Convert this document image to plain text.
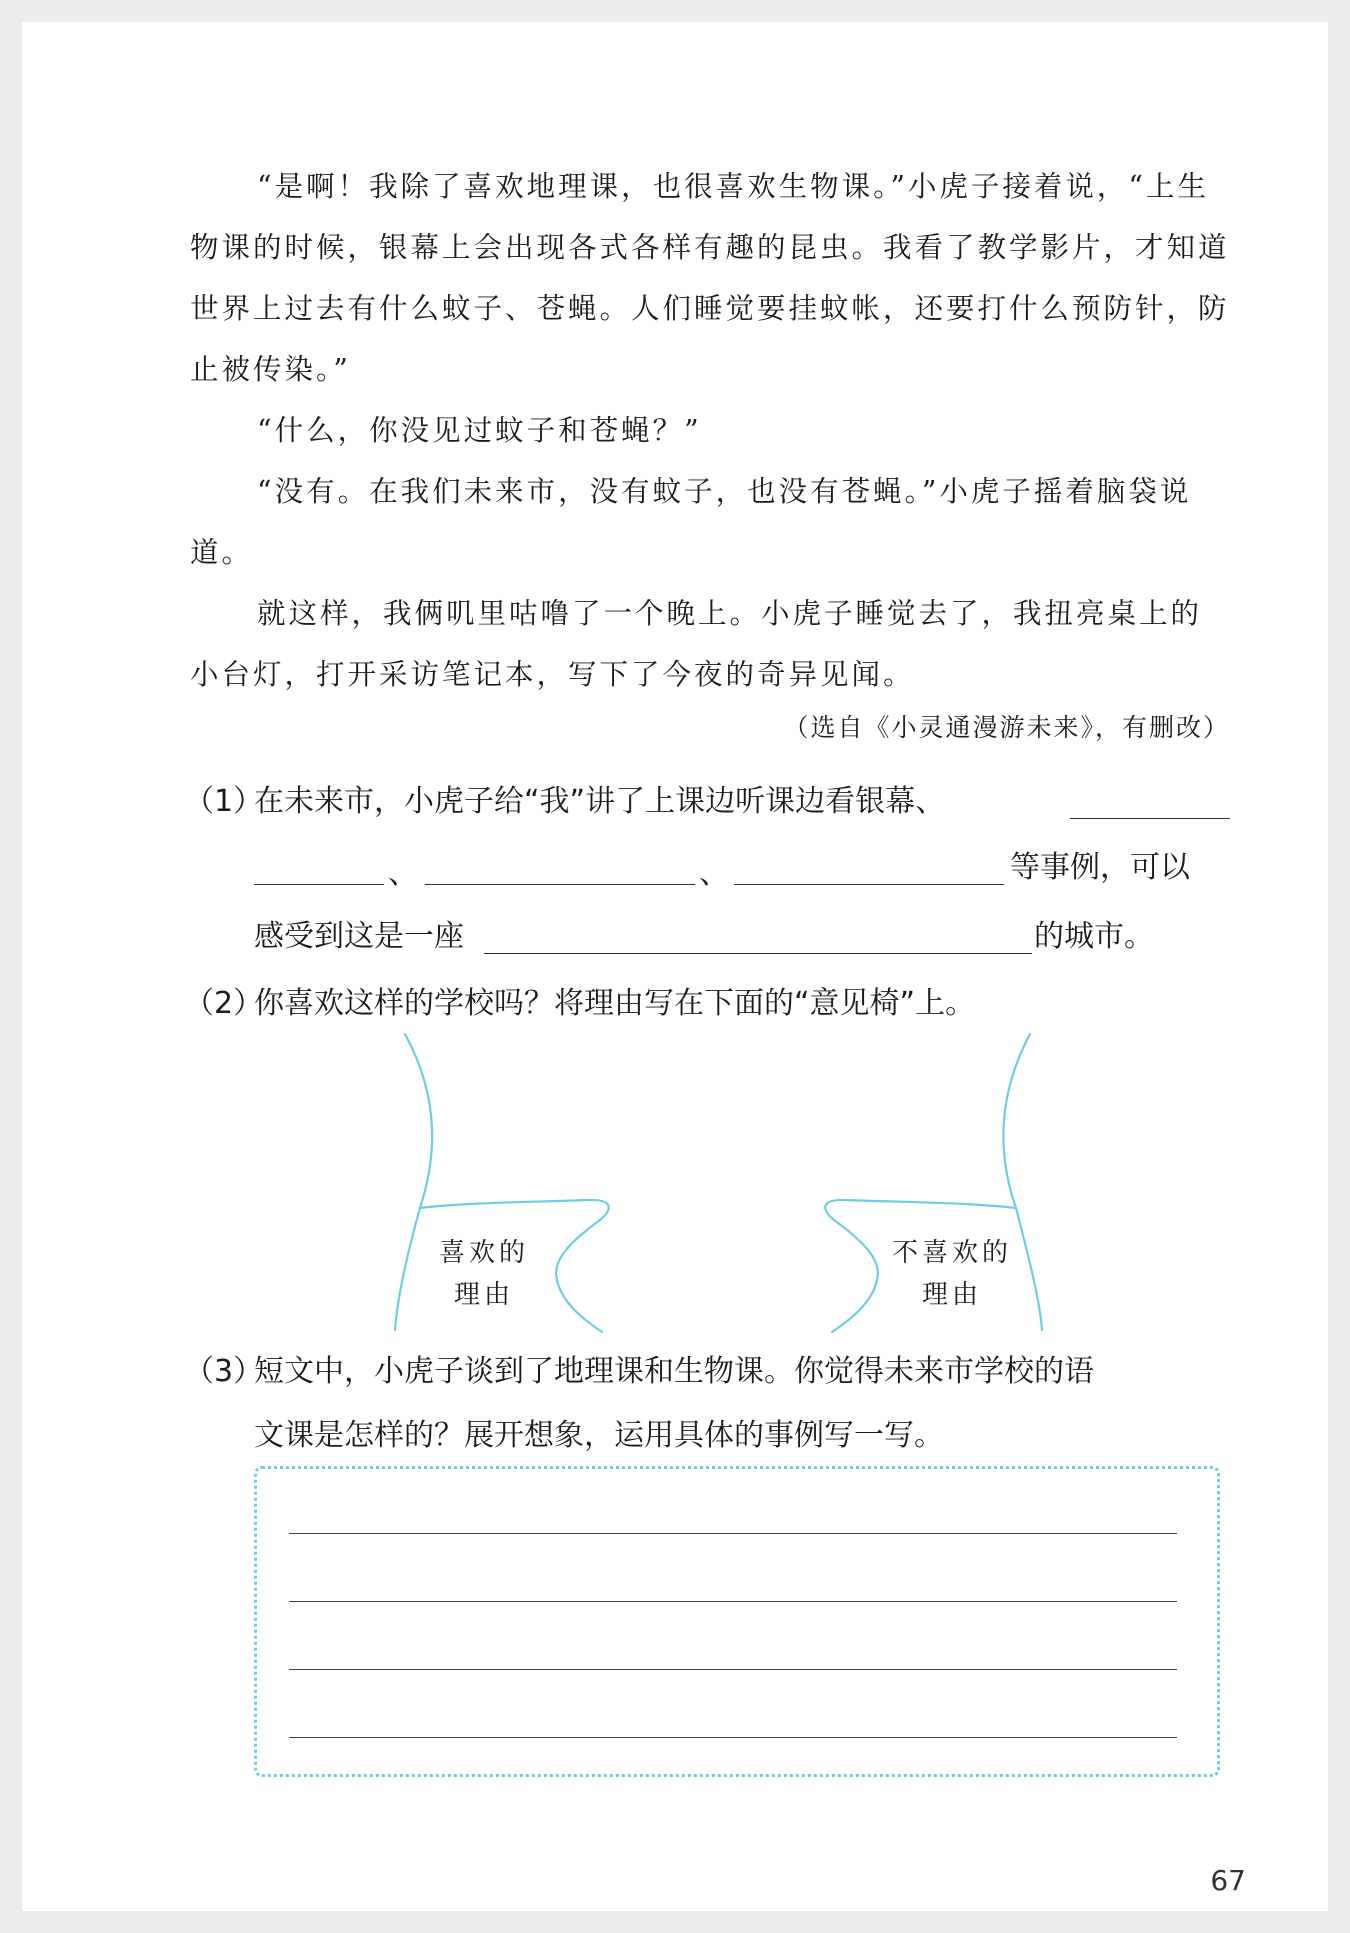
“是啊！我除了喜欢地理课，也很喜欢生物课。”小虎子接着说，“上生物课的时候，银幕上会出现各式各样有趣的昆虫。我看了教学影片，才知道世界上过去有什么蚊子、苍蝇。人们睡觉要挂蚊帐，还要打什么预防针，防止被传染。”

“什么，你没见过蚊子和苍蝇？”

“没有。在我们未来市，没有蚊子，也没有苍蝇。”小虎子摇着脑袋说道。

就这样，我俩叽里咕噜了一个晚上。小虎子睡觉去了，我扭亮桌上的小台灯，打开采访笔记本，写下了今夜的奇异见闻。

（选自《小灵通漫游未来》，有删改）
（1）
在未来市，小虎子给“我”讲了上课边听课边看银幕、
、	、	等事例，可以
感受到这是一座	的城市。
（2）
你喜欢这样的学校吗？将理由写在下面的“意见椅”上。
喜欢的
理由
不喜欢的
理由
（3）
短文中，小虎子谈到了地理课和生物课。你觉得未来市学校的语
文课是怎样的？展开想象，运用具体的事例写一写。
67
